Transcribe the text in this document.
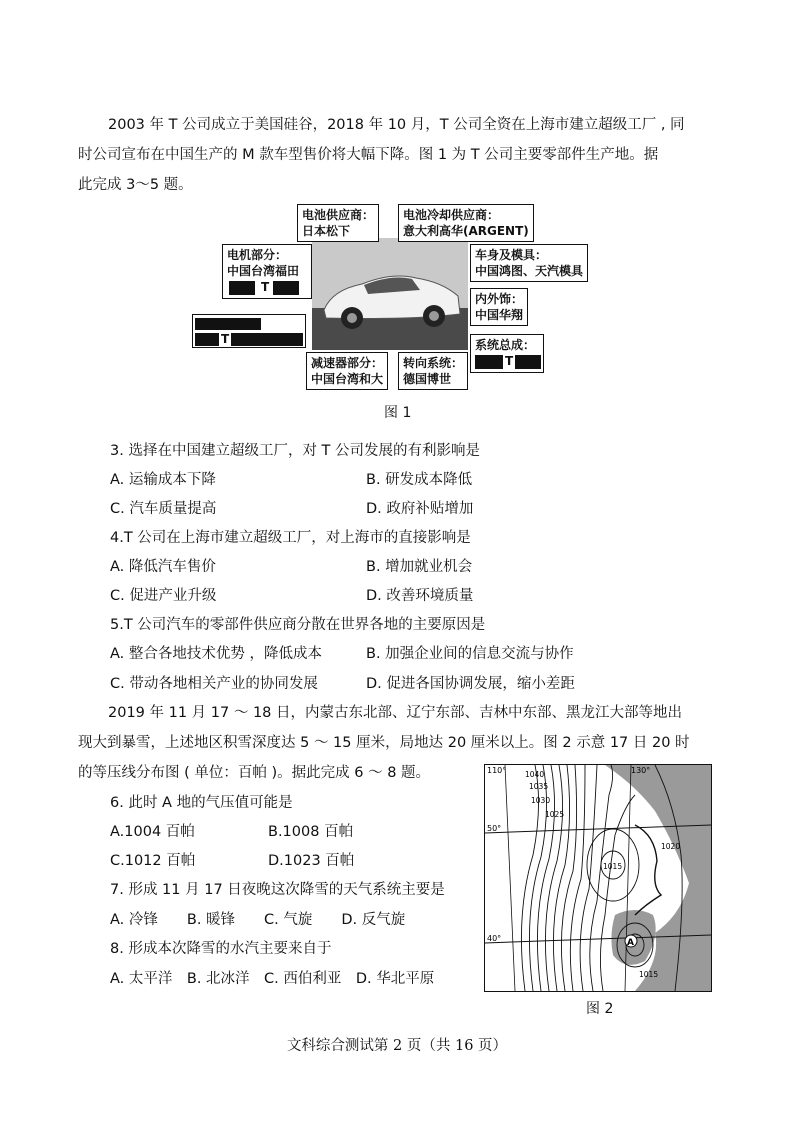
2003 年 T 公司成立于美国硅谷，2018 年 10 月，T 公司全资在上海市建立超级工厂 , 同
时公司宣布在中国生产的 M 款车型售价将大幅下降。图 1 为 T 公司主要零部件生产地。据
此完成 3～5 题。
电池供应商：
日本松下
电池冷却供应商：
意大利高华(ARGENT)
电机部分：
中国台湾福田
T
车身及模具：
中国鸿图、天汽模具
内外饰：
中国华翔
T	系统总成：
T
减速器部分：
中国台湾和大
转向系统：
德国博世
图 1
3. 选择在中国建立超级工厂，对 T 公司发展的有利影响是
A. 运输成本下降	B. 研发成本降低
C. 汽车质量提高	D. 政府补贴增加
4.T 公司在上海市建立超级工厂，对上海市的直接影响是
A. 降低汽车售价	B. 增加就业机会
C. 促进产业升级	D. 改善环境质量
5.T 公司汽车的零部件供应商分散在世界各地的主要原因是
A. 整合各地技术优势 ，降低成本	B. 加强企业间的信息交流与协作
C. 带动各地相关产业的协同发展	D. 促进各国协调发展，缩小差距
2019 年 11 月 17 ～ 18 日，内蒙古东北部、辽宁东部、吉林中东部、黑龙江大部等地出
现大到暴雪，上述地区积雪深度达 5 ～ 15 厘米，局地达 20 厘米以上。图 2 示意 17 日 20 时
的等压线分布图 ( 单位：百帕 )。据此完成 6 ～ 8 题。
6. 此时 A 地的气压值可能是
A.1004 百帕	B.1008 百帕
C.1012 百帕	D.1023 百帕
7. 形成 11 月 17 日夜晚这次降雪的天气系统主要是
A. 冷锋　　B. 暖锋　　C. 气旋　　D. 反气旋
8. 形成本次降雪的水汽主要来自于
A. 太平洋　B. 北冰洋　C. 西伯利亚　D. 华北平原
110°	130°
50°
40°
1040
1035
1030
1025
1020
1015
1015
A
图 2
文科综合测试第 2 页（共 16 页）
